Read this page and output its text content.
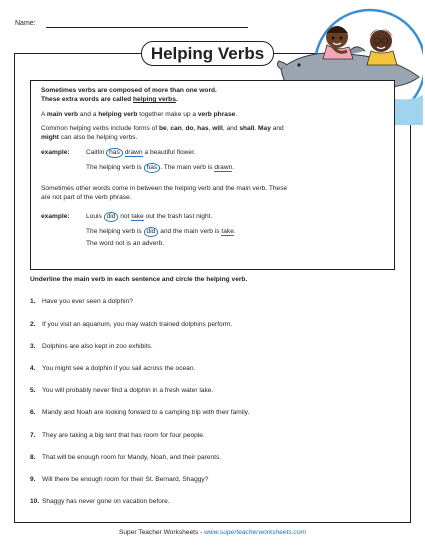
Name:
Helping Verbs
Sometimes verbs are composed of more than one word.
These extra words are called helping verbs.
A main verb and a helping verb together make up a verb phrase.
Common helping verbs include forms of be, can, do, has, will, and shall. May and
might can also be helping verbs.
example: Caitlin has drawn a beautiful flower.
The helping verb is has . The main verb is drawn.
Sometimes other words come in between the helping verb and the main verb. These
are not part of the verb phrase.
example: Louis did not take out the trash last night.
The helping verb is did and the main verb is take.
The word not is an adverb.
Underline the main verb in each sentence and circle the helping verb.
1. Have you ever seen a dolphin?
2. If you visit an aquarium, you may watch trained dolphins perform.
3. Dolphins are also kept in zoo exhibits.
4. You might see a dolphin if you sail across the ocean.
5. You will probably never find a dolphin in a fresh water lake.
6. Mandy and Noah are looking forward to a camping trip with their family.
7. They are taking a big tent that has room for four people.
8. That will be enough room for Mandy, Noah, and their parents.
9. Will there be enough room for their St. Bernard, Shaggy?
10. Shaggy has never gone on vacation before.
Super Teacher Worksheets - www.superteacherworksheets.com
